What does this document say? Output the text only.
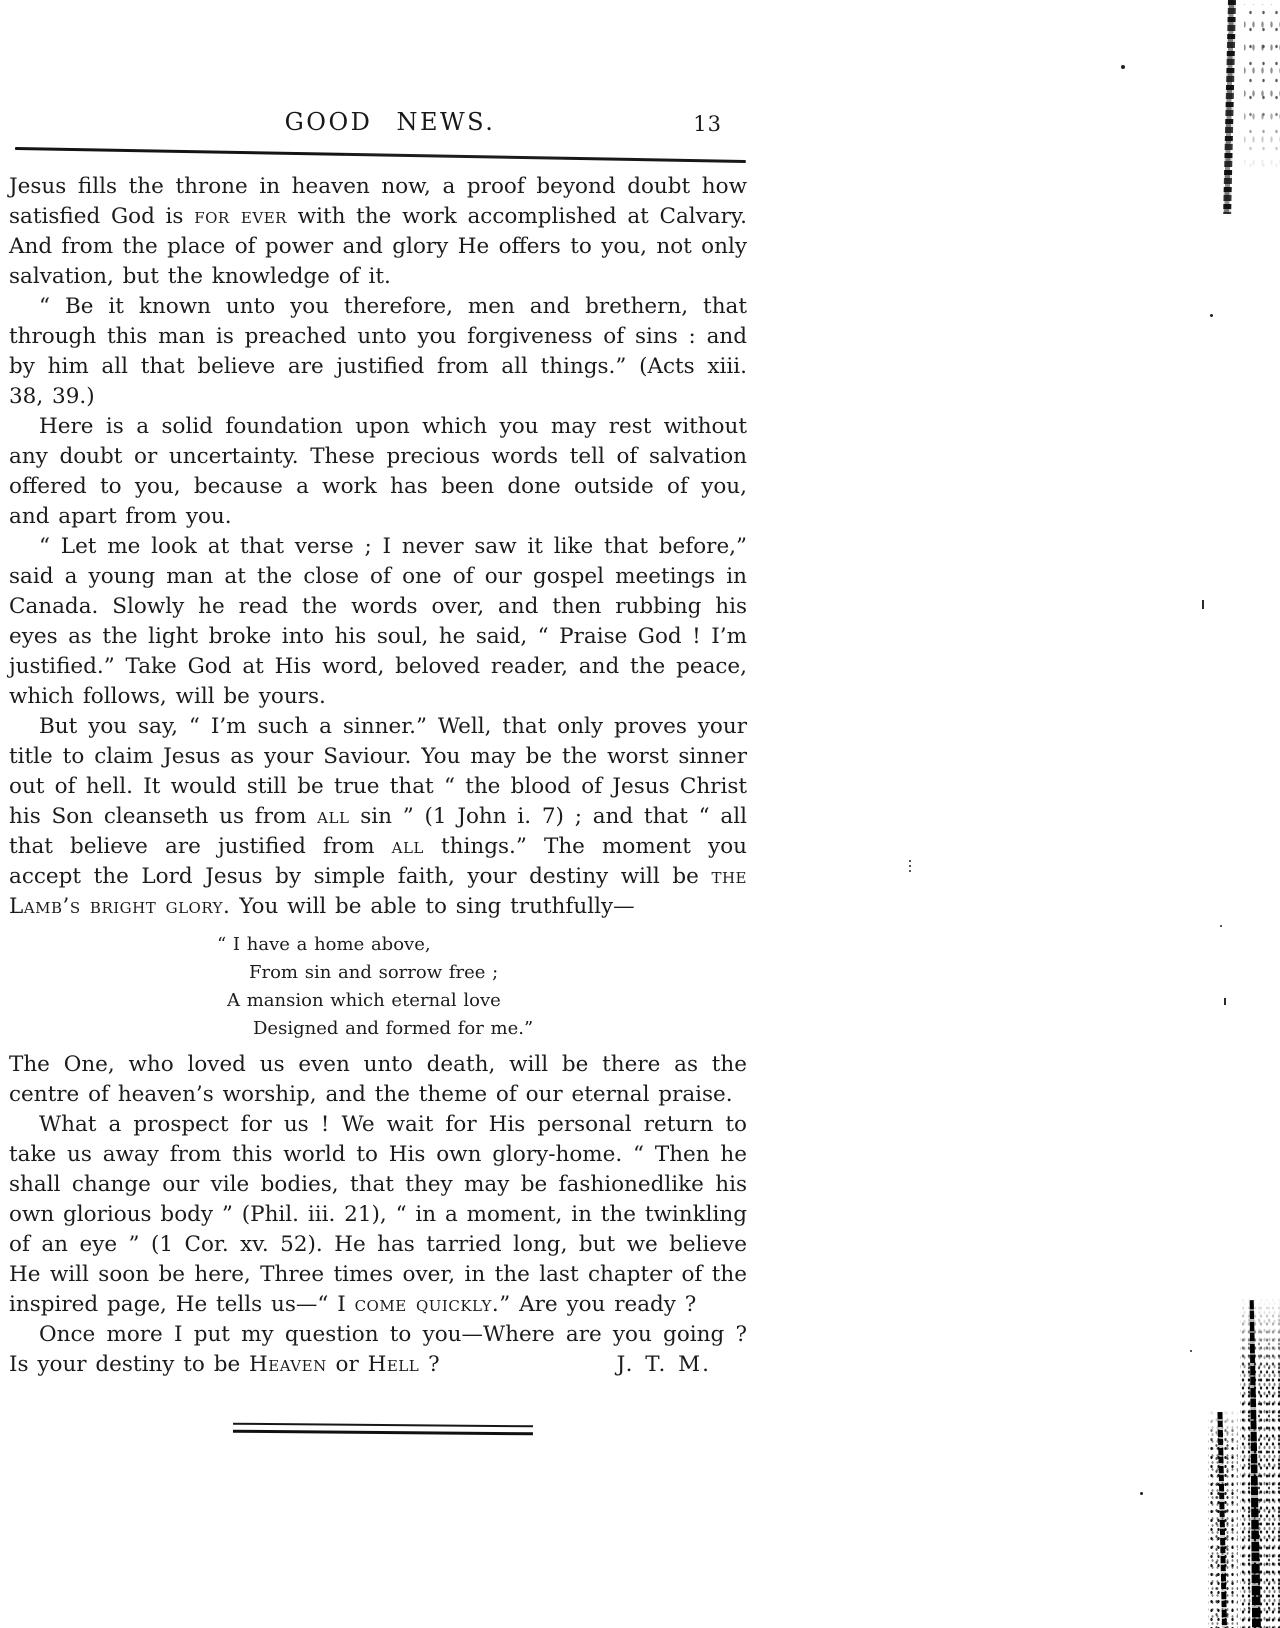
GOOD NEWS.	13

Jesus fills the throne in heaven now, a proof beyond doubt how satisfied God is for ever with the work accomplished at Calvary. And from the place of power and glory He offers to you, not only salvation, but the knowledge of it.

“ Be it known unto you therefore, men and brethern, that through this man is preached unto you forgiveness of sins : and by him all that believe are justified from all things.” (Acts xiii. 38, 39.)

Here is a solid foundation upon which you may rest without any doubt or uncertainty. These precious words tell of salvation offered to you, because a work has been done outside of you, and apart from you.

“ Let me look at that verse ; I never saw it like that before,” said a young man at the close of one of our gospel meetings in Canada. Slowly he read the words over, and then rubbing his eyes as the light broke into his soul, he said, “ Praise God ! I’m justified.” Take God at His word, beloved reader, and the peace, which follows, will be yours.

But you say, “ I’m such a sinner.” Well, that only proves your title to claim Jesus as your Saviour. You may be the worst sinner out of hell. It would still be true that “ the blood of Jesus Christ his Son cleanseth us from all sin ” (1 John i. 7) ; and that “ all that believe are justified from all things.” The moment you accept the Lord Jesus by simple faith, your destiny will be the Lamb’s bright glory. You will be able to sing truthfully—

“ I have a home above,
From sin and sorrow free ;
A mansion which eternal love
Designed and formed for me.”

The One, who loved us even unto death, will be there as the centre of heaven’s worship, and the theme of our eternal praise.

What a prospect for us ! We wait for His personal return to take us away from this world to His own glory-home. “ Then he shall change our vile bodies, that they may be fashionedlike his own glorious body ” (Phil. iii. 21), “ in a moment, in the twinkling of an eye ” (1 Cor. xv. 52). He has tarried long, but we believe He will soon be here, Three times over, in the last chapter of the inspired page, He tells us—“ I come quickly.” Are you ready ?

J. T. M.
Once more I put my question to you—Where are you going ? Is your destiny to be Heaven or Hell ?
